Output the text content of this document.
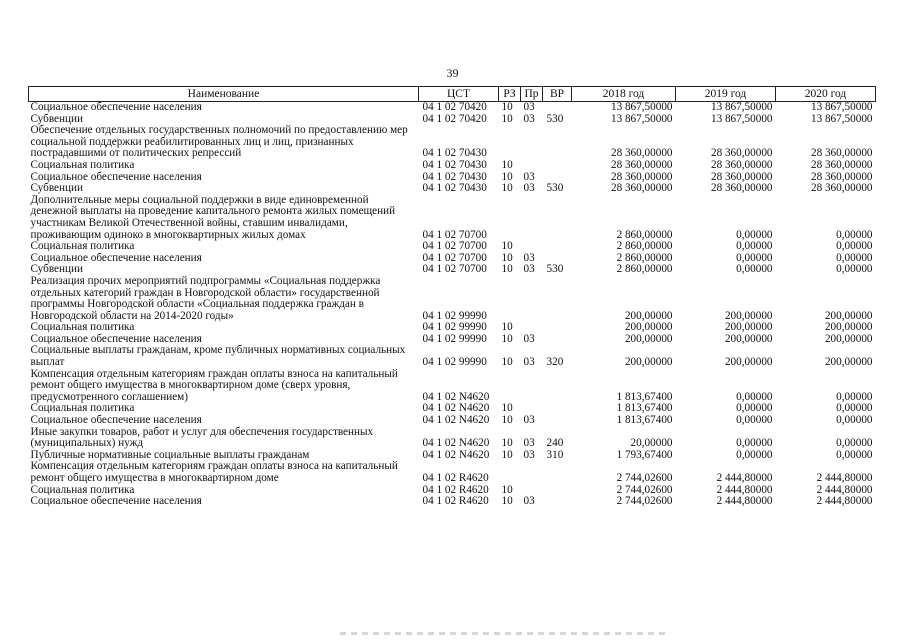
39
Наименование	ЦСТ	РЗ	Пр	ВР	2018 год	2019 год	2020 год
Социальное обеспечение населения	04 1 02 70420	10	03		13 867,50000	13 867,50000	13 867,50000
Субвенции	04 1 02 70420	10	03	530	13 867,50000	13 867,50000	13 867,50000
Обеспечение отдельных государственных полномочий по предоставлению мер социальной поддержки реабилитированных лиц и лиц, признанных пострадавшими от политических репрессий	04 1 02 70430				28 360,00000	28 360,00000	28 360,00000
Социальная политика	04 1 02 70430	10			28 360,00000	28 360,00000	28 360,00000
Социальное обеспечение населения	04 1 02 70430	10	03		28 360,00000	28 360,00000	28 360,00000
Субвенции	04 1 02 70430	10	03	530	28 360,00000	28 360,00000	28 360,00000
Дополнительные меры социальной поддержки в виде единовременной денежной выплаты на проведение капитального ремонта жилых помещений участникам Великой Отечественной войны, ставшим инвалидами, проживающим одиноко в многоквартирных жилых домах	04 1 02 70700				2 860,00000	0,00000	0,00000
Социальная политика	04 1 02 70700	10			2 860,00000	0,00000	0,00000
Социальное обеспечение населения	04 1 02 70700	10	03		2 860,00000	0,00000	0,00000
Субвенции	04 1 02 70700	10	03	530	2 860,00000	0,00000	0,00000
Реализация прочих мероприятий подпрограммы «Социальная поддержка отдельных категорий граждан в Новгородской области» государственной программы Новгородской области «Социальная поддержка граждан в Новгородской области на 2014-2020 годы»	04 1 02 99990				200,00000	200,00000	200,00000
Социальная политика	04 1 02 99990	10			200,00000	200,00000	200,00000
Социальное обеспечение населения	04 1 02 99990	10	03		200,00000	200,00000	200,00000
Социальные выплаты гражданам, кроме публичных нормативных социальных выплат	04 1 02 99990	10	03	320	200,00000	200,00000	200,00000
Компенсация отдельным категориям граждан оплаты взноса на капитальный ремонт общего имущества в многоквартирном доме (сверх уровня, предусмотренного соглашением)	04 1 02 N4620				1 813,67400	0,00000	0,00000
Социальная политика	04 1 02 N4620	10			1 813,67400	0,00000	0,00000
Социальное обеспечение населения	04 1 02 N4620	10	03		1 813,67400	0,00000	0,00000
Иные закупки товаров, работ и услуг для обеспечения государственных (муниципальных) нужд	04 1 02 N4620	10	03	240	20,00000	0,00000	0,00000
Публичные нормативные социальные выплаты гражданам	04 1 02 N4620	10	03	310	1 793,67400	0,00000	0,00000
Компенсация отдельным категориям граждан оплаты взноса на капитальный ремонт общего имущества в многоквартирном доме	04 1 02 R4620				2 744,02600	2 444,80000	2 444,80000
Социальная политика	04 1 02 R4620	10			2 744,02600	2 444,80000	2 444,80000
Социальное обеспечение населения	04 1 02 R4620	10	03		2 744,02600	2 444,80000	2 444,80000
